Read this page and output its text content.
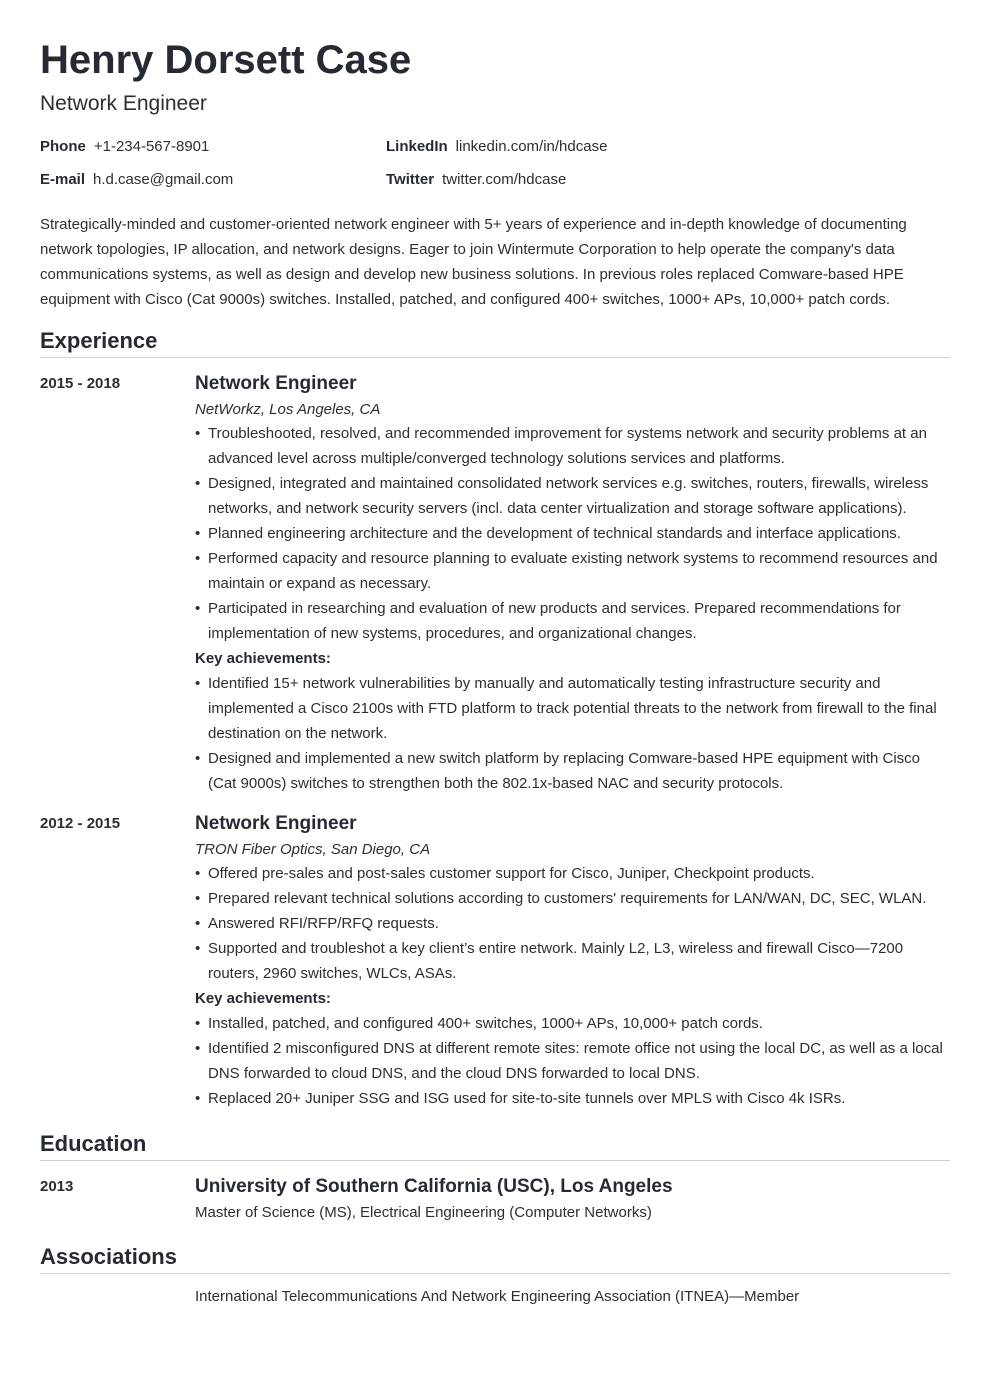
Henry Dorsett Case
Network Engineer
Phone +1-234-567-8901	LinkedIn linkedin.com/in/hdcase
E-mail h.d.case@gmail.com	Twitter twitter.com/hdcase

Strategically-minded and customer-oriented network engineer with 5+ years of experience and in-depth knowledge of documenting network topologies, IP allocation, and network designs. Eager to join Wintermute Corporation to help operate the company's data communications systems, as well as design and develop new business solutions. In previous roles replaced Comware-based HPE equipment with Cisco (Cat 9000s) switches. Installed, patched, and configured 400+ switches, 1000+ APs, 10,000+ patch cords.

Experience
2015 - 2018	Network Engineer
NetWorkz, Los Angeles, CA
• Troubleshooted, resolved, and recommended improvement for systems network and security problems at an advanced level across multiple/converged technology solutions services and platforms.
• Designed, integrated and maintained consolidated network services e.g. switches, routers, firewalls, wireless networks, and network security servers (incl. data center virtualization and storage software applications).
• Planned engineering architecture and the development of technical standards and interface applications.
• Performed capacity and resource planning to evaluate existing network systems to recommend resources and maintain or expand as necessary.
• Participated in researching and evaluation of new products and services. Prepared recommendations for implementation of new systems, procedures, and organizational changes.
Key achievements:
• Identified 15+ network vulnerabilities by manually and automatically testing infrastructure security and implemented a Cisco 2100s with FTD platform to track potential threats to the network from firewall to the final destination on the network.
• Designed and implemented a new switch platform by replacing Comware-based HPE equipment with Cisco (Cat 9000s) switches to strengthen both the 802.1x-based NAC and security protocols.
2012 - 2015	Network Engineer
TRON Fiber Optics, San Diego, CA
• Offered pre-sales and post-sales customer support for Cisco, Juniper, Checkpoint products.
• Prepared relevant technical solutions according to customers' requirements for LAN/WAN, DC, SEC, WLAN.
• Answered RFI/RFP/RFQ requests.
• Supported and troubleshot a key client’s entire network. Mainly L2, L3, wireless and firewall Cisco—7200 routers, 2960 switches, WLCs, ASAs.
Key achievements:
• Installed, patched, and configured 400+ switches, 1000+ APs, 10,000+ patch cords.
• Identified 2 misconfigured DNS at different remote sites: remote office not using the local DC, as well as a local DNS forwarded to cloud DNS, and the cloud DNS forwarded to local DNS.
• Replaced 20+ Juniper SSG and ISG used for site-to-site tunnels over MPLS with Cisco 4k ISRs.
Education
2013	University of Southern California (USC), Los Angeles
Master of Science (MS), Electrical Engineering (Computer Networks)
Associations
International Telecommunications And Network Engineering Association (ITNEA)—Member
